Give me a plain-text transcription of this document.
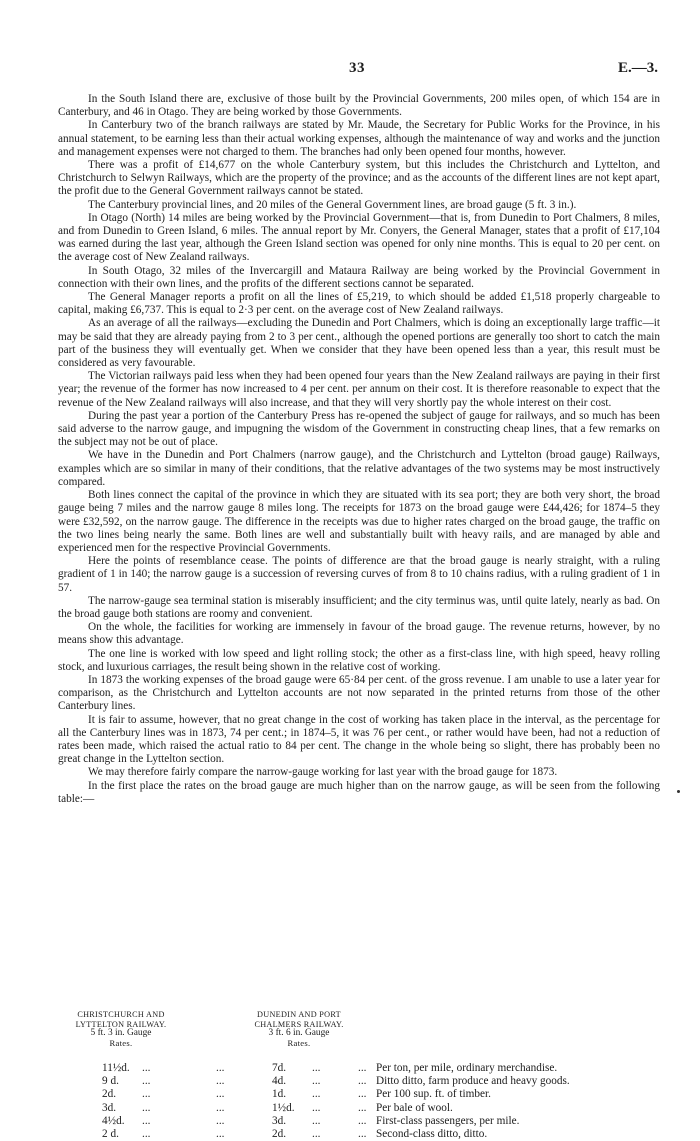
33	E.—3.

In the South Island there are, exclusive of those built by the Provincial Governments, 200 miles open, of which 154 are in Canterbury, and 46 in Otago. They are being worked by those Governments.

In Canterbury two of the branch railways are stated by Mr. Maude, the Secretary for Public Works for the Province, in his annual statement, to be earning less than their actual working expenses, although the maintenance of way and works and the junction and management expenses were not charged to them. The branches had only been opened four months, however.

There was a profit of £14,677 on the whole Canterbury system, but this includes the Christchurch and Lyttelton, and Christchurch to Selwyn Railways, which are the property of the province; and as the accounts of the different lines are not kept apart, the profit due to the General Government railways cannot be stated.

The Canterbury provincial lines, and 20 miles of the General Government lines, are broad gauge (5 ft. 3 in.).

In Otago (North) 14 miles are being worked by the Provincial Government—that is, from Dunedin to Port Chalmers, 8 miles, and from Dunedin to Green Island, 6 miles. The annual report by Mr. Conyers, the General Manager, states that a profit of £17,104 was earned during the last year, although the Green Island section was opened for only nine months. This is equal to 20 per cent. on the average cost of New Zealand railways.

In South Otago, 32 miles of the Invercargill and Mataura Railway are being worked by the Provincial Government in connection with their own lines, and the profits of the different sections cannot be separated.

The General Manager reports a profit on all the lines of £5,219, to which should be added £1,518 properly chargeable to capital, making £6,737. This is equal to 2·3 per cent. on the average cost of New Zealand railways.

As an average of all the railways—excluding the Dunedin and Port Chalmers, which is doing an exceptionally large traffic—it may be said that they are already paying from 2 to 3 per cent., although the opened portions are generally too short to catch the main part of the business they will eventually get. When we consider that they have been opened less than a year, this result must be considered as very favourable.

The Victorian railways paid less when they had been opened four years than the New Zealand railways are paying in their first year; the revenue of the former has now increased to 4 per cent. per annum on their cost. It is therefore reasonable to expect that the revenue of the New Zealand railways will also increase, and that they will very shortly pay the whole interest on their cost.

During the past year a portion of the Canterbury Press has re-opened the subject of gauge for railways, and so much has been said adverse to the narrow gauge, and impugning the wisdom of the Government in constructing cheap lines, that a few remarks on the subject may not be out of place.

We have in the Dunedin and Port Chalmers (narrow gauge), and the Christchurch and Lyttelton (broad gauge) Railways, examples which are so similar in many of their conditions, that the relative advantages of the two systems may be most instructively compared.

Both lines connect the capital of the province in which they are situated with its sea port; they are both very short, the broad gauge being 7 miles and the narrow gauge 8 miles long. The receipts for 1873 on the broad gauge were £44,426; for 1874–5 they were £32,592, on the narrow gauge. The difference in the receipts was due to higher rates charged on the broad gauge, the traffic on the two lines being nearly the same. Both lines are well and substantially built with heavy rails, and are managed by able and experienced men for the respective Provincial Governments.

Here the points of resemblance cease. The points of difference are that the broad gauge is nearly straight, with a ruling gradient of 1 in 140; the narrow gauge is a succession of reversing curves of from 8 to 10 chains radius, with a ruling gradient of 1 in 57.

The narrow-gauge sea terminal station is miserably insufficient; and the city terminus was, until quite lately, nearly as bad. On the broad gauge both stations are roomy and convenient.

On the whole, the facilities for working are immensely in favour of the broad gauge. The revenue returns, however, by no means show this advantage.

The one line is worked with low speed and light rolling stock; the other as a first-class line, with high speed, heavy rolling stock, and luxurious carriages, the result being shown in the relative cost of working.

In 1873 the working expenses of the broad gauge were 65·84 per cent. of the gross revenue. I am unable to use a later year for comparison, as the Christchurch and Lyttelton accounts are not now separated in the printed returns from those of the other Canterbury lines.

It is fair to assume, however, that no great change in the cost of working has taken place in the interval, as the percentage for all the Canterbury lines was in 1873, 74 per cent.; in 1874–5, it was 76 per cent., or rather would have been, had not a reduction of rates been made, which raised the actual ratio to 84 per cent. The change in the whole being so slight, there has probably been no great change in the Lyttelton section.

We may therefore fairly compare the narrow-gauge working for last year with the broad gauge for 1873.

In the first place the rates on the broad gauge are much higher than on the narrow gauge, as will be seen from the following table:—

CHRISTCHURCH AND LYTTELTON RAILWAY.
5 ft. 3 in. Gauge
Rates.
DUNEDIN AND PORT CHALMERS RAILWAY.
3 ft. 6 in. Gauge
Rates.
11½d. ...	...	7d. ...	... Per ton, per mile, ordinary merchandise.
9 d. ...	...	4d. ...	... Ditto ditto, farm produce and heavy goods.
2d. ...	...	1d. ...	... Per 100 sup. ft. of timber.
3d. ...	...	1½d. ...	... Per bale of wool.
4½d. ...	...	3d. ...	... First-class passengers, per mile.
2 d. ...	...	2d. ...	... Second-class ditto, ditto.
